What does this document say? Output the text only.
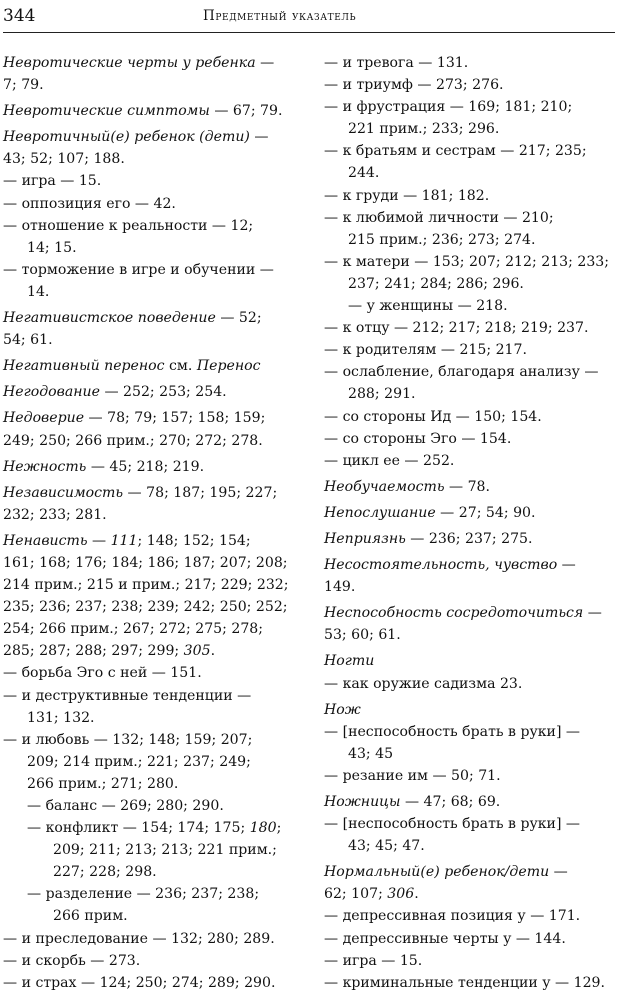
344	Предметный указатель
Невротические черты у ребенка —
7; 79.
Невротические симптомы — 67; 79.
Невротичный(е) ребенок (дети) —
43; 52; 107; 188.
— игра — 15.
— оппозиция его — 42.
— отношение к реальности — 12;
14; 15.
— торможение в игре и обучении —
14.
Негативистское поведение — 52;
54; 61.
Негативный перенос см. Перенос
Негодование — 252; 253; 254.
Недоверие — 78; 79; 157; 158; 159;
249; 250; 266 прим.; 270; 272; 278.
Нежность — 45; 218; 219.
Независимость — 78; 187; 195; 227;
232; 233; 281.
Ненависть — 111; 148; 152; 154;
161; 168; 176; 184; 186; 187; 207; 208;
214 прим.; 215 и прим.; 217; 229; 232;
235; 236; 237; 238; 239; 242; 250; 252;
254; 266 прим.; 267; 272; 275; 278;
285; 287; 288; 297; 299; 305.
— борьба Эго с ней — 151.
— и деструктивные тенденции —
131; 132.
— и любовь — 132; 148; 159; 207;
209; 214 прим.; 221; 237; 249;
266 прим.; 271; 280.
— баланс — 269; 280; 290.
— конфликт — 154; 174; 175; 180;
209; 211; 213; 213; 221 прим.;
227; 228; 298.
— разделение — 236; 237; 238;
266 прим.
— и преследование — 132; 280; 289.
— и скорбь — 273.
— и страх — 124; 250; 274; 289; 290.
— и тревога — 131.
— и триумф — 273; 276.
— и фрустрация — 169; 181; 210;
221 прим.; 233; 296.
— к братьям и сестрам — 217; 235;
244.
— к груди — 181; 182.
— к любимой личности — 210;
215 прим.; 236; 273; 274.
— к матери — 153; 207; 212; 213; 233;
237; 241; 284; 286; 296.
— у женщины — 218.
— к отцу — 212; 217; 218; 219; 237.
— к родителям — 215; 217.
— ослабление, благодаря анализу —
288; 291.
— со стороны Ид — 150; 154.
— со стороны Эго — 154.
— цикл ее — 252.
Необучаемость — 78.
Непослушание — 27; 54; 90.
Неприязнь — 236; 237; 275.
Несостоятельность, чувство —
149.
Неспособность сосредоточиться —
53; 60; 61.
Ногти
— как оружие садизма 23.
Нож
— [неспособность брать в руки] —
43; 45
— резание им — 50; 71.
Ножницы — 47; 68; 69.
— [неспособность брать в руки] —
43; 45; 47.
Нормальный(е) ребенок/дети —
62; 107; 306.
— депрессивная позиция у — 171.
— депрессивные черты у — 144.
— игра — 15.
— криминальные тенденции у — 129.
